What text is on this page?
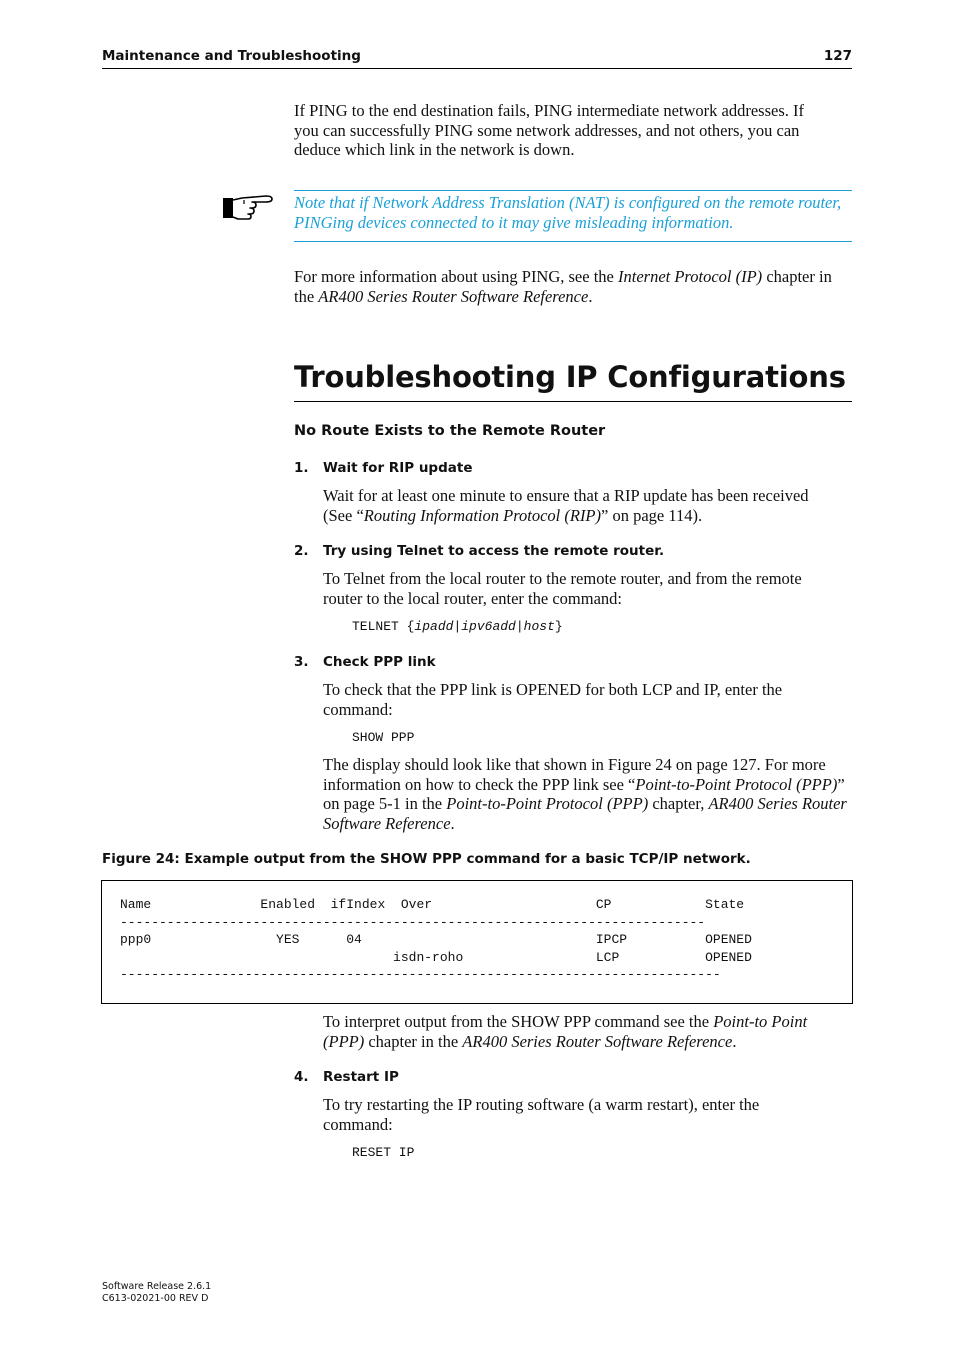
Maintenance and Troubleshooting	127
If PING to the end destination fails, PING intermediate network addresses. If
you can successfully PING some network addresses, and not others, you can
deduce which link in the network is down.
Note that if Network Address Translation (NAT) is configured on the remote router,
PINGing devices connected to it may give misleading information.
For more information about using PING, see the Internet Protocol (IP) chapter in
the AR400 Series Router Software Reference.
Troubleshooting IP Configurations
No Route Exists to the Remote Router
1. Wait for RIP update
Wait for at least one minute to ensure that a RIP update has been received
(See “Routing Information Protocol (RIP)” on page 114).
2. Try using Telnet to access the remote router.
To Telnet from the local router to the remote router, and from the remote
router to the local router, enter the command:
TELNET {ipadd|ipv6add|host}
3. Check PPP link
To check that the PPP link is OPENED for both LCP and IP, enter the
command:
SHOW PPP
The display should look like that shown in Figure 24 on page 127. For more
information on how to check the PPP link see “Point-to-Point Protocol (PPP)”
on page 5-1 in the Point-to-Point Protocol (PPP) chapter, AR400 Series Router
Software Reference.
Figure 24: Example output from the SHOW PPP command for a basic TCP/IP network.
Name              Enabled  ifIndex  Over                     CP            State
---------------------------------------------------------------------------
ppp0                YES      04                              IPCP          OPENED
isdn-roho                 LCP           OPENED
-----------------------------------------------------------------------------
To interpret output from the SHOW PPP command see the Point-to Point
(PPP) chapter in the AR400 Series Router Software Reference.
4. Restart IP
To try restarting the IP routing software (a warm restart), enter the
command:
RESET IP
Software Release 2.6.1
C613-02021-00 REV D
